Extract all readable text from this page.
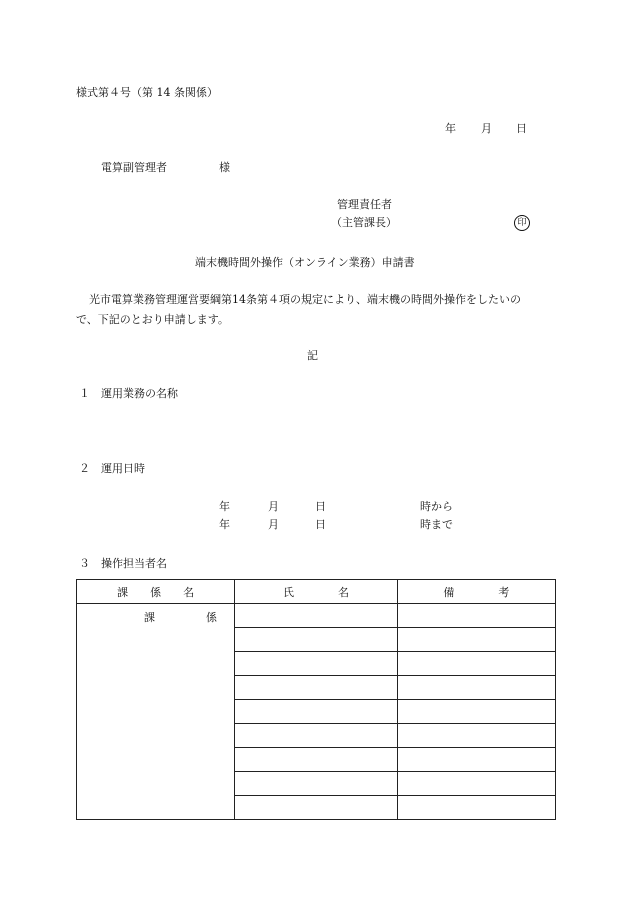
様式第４号（第 14 条関係）
年 月 日
電算副管理者	様
管理責任者
（主管課長）	印
端末機時間外操作（オンライン業務）申請書
光市電算業務管理運営要綱第14条第４項の規定により、端末機の時間外操作をしたいの
で、下記のとおり申請します。
記
１ 運用業務の名称
２ 運用日時
年	月	日	時から
年	月	日	時まで
３ 操作担当者名
課　　係　　名	氏　　　　名	備　　　　考

課 係		
